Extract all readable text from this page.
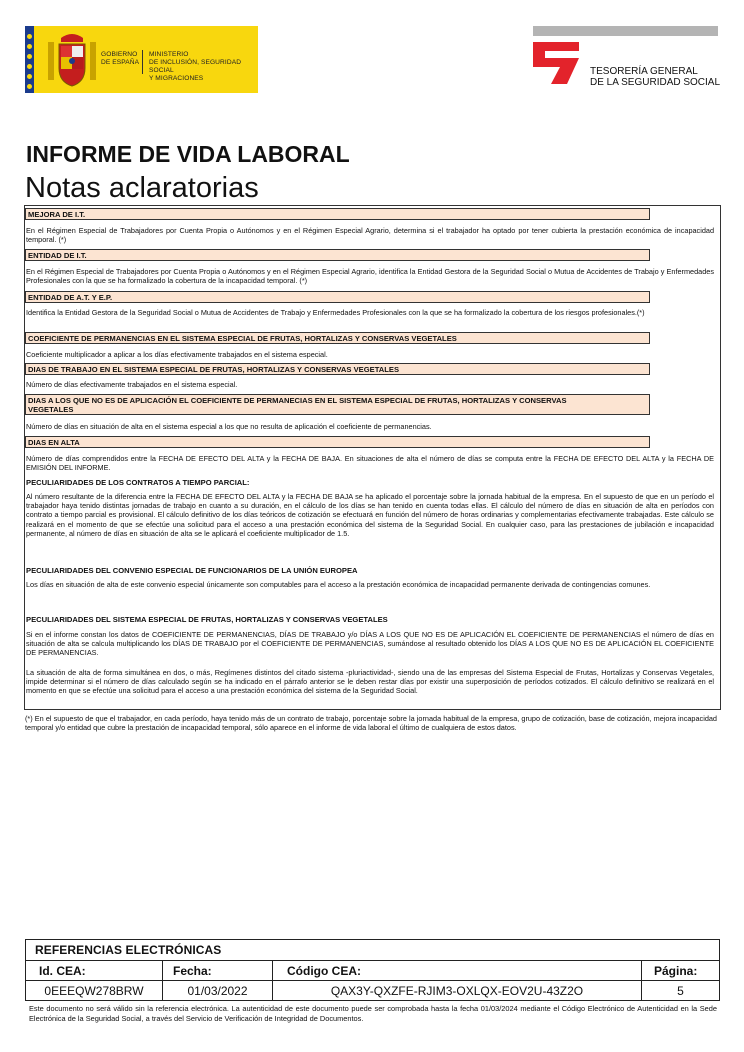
GOBIERNO
DE ESPAÑA
MINISTERIO
DE INCLUSIÓN, SEGURIDAD SOCIAL
Y MIGRACIONES
TESORERÍA GENERAL
DE LA SEGURIDAD SOCIAL
INFORME DE VIDA LABORAL
Notas aclaratorias
MEJORA DE I.T.
En el Régimen Especial de Trabajadores por Cuenta Propia o Autónomos y en el Régimen Especial Agrario, determina si el trabajador ha optado por tener cubierta la prestación económica de incapacidad temporal. (*)
ENTIDAD DE I.T.
En el Régimen Especial de Trabajadores por Cuenta Propia o Autónomos y en el Régimen Especial Agrario, identifica la Entidad Gestora de la Seguridad Social o Mutua de Accidentes de Trabajo y Enfermedades Profesionales con la que se ha formalizado la cobertura de la incapacidad temporal. (*)
ENTIDAD DE A.T. Y E.P.
Identifica la Entidad Gestora de la Seguridad Social o Mutua de Accidentes de Trabajo y Enfermedades Profesionales con la que se ha formalizado la cobertura de los riesgos profesionales.(*)
COEFICIENTE DE PERMANENCIAS EN EL SISTEMA ESPECIAL DE FRUTAS, HORTALIZAS Y CONSERVAS VEGETALES
Coeficiente multiplicador a aplicar a los días efectivamente trabajados en el sistema especial.
DIAS DE TRABAJO EN EL SISTEMA ESPECIAL DE FRUTAS, HORTALIZAS Y CONSERVAS VEGETALES
Número de días efectivamente trabajados en el sistema especial.
DIAS A LOS QUE NO ES DE APLICACIÓN EL COEFICIENTE DE PERMANECIAS EN EL SISTEMA ESPECIAL DE FRUTAS, HORTALIZAS Y CONSERVAS VEGETALES
Número de días en situación de alta en el sistema especial a los que no resulta de aplicación el coeficiente de permanencias.
DIAS EN ALTA
Número de días comprendidos entre la FECHA DE EFECTO DEL ALTA y la FECHA DE BAJA. En situaciones de alta el número de días se computa entre la FECHA DE EFECTO DEL ALTA y la FECHA DE EMISIÓN DEL INFORME.
PECULIARIDADES DE LOS CONTRATOS A TIEMPO PARCIAL:
Al número resultante de la diferencia entre la FECHA DE EFECTO DEL ALTA y la FECHA DE BAJA se ha aplicado el porcentaje sobre la jornada habitual de la empresa. En el supuesto de que en un período el trabajador haya tenido distintas jornadas de trabajo en cuanto a su duración, en el cálculo de los días se han tenido en cuenta todas ellas. El cálculo del número de días en situación de alta en períodos con contrato a tiempo parcial es provisional. El cálculo definitivo de los días teóricos de cotización se efectuará en función del número de horas ordinarias y complementarias efectivamente trabajadas. Este cálculo se realizará en el momento de que se efectúe una solicitud para el acceso a una prestación económica del sistema de la Seguridad Social. En cualquier caso, para las prestaciones de jubilación e incapacidad permanente, al número de días en situación de alta se le aplicará el coeficiente multiplicador de 1.5.
PECULIARIDADES DEL CONVENIO ESPECIAL DE FUNCIONARIOS DE LA UNIÓN EUROPEA
Los días en situación de alta de este convenio especial únicamente son computables para el acceso a la prestación económica de incapacidad permanente derivada de contingencias comunes.
PECULIARIDADES DEL SISTEMA ESPECIAL DE FRUTAS, HORTALIZAS Y CONSERVAS VEGETALES
Si en el informe constan los datos de COEFICIENTE DE PERMANENCIAS, DÍAS DE TRABAJO y/o DÍAS A LOS QUE NO ES DE APLICACIÓN EL COEFICIENTE DE PERMANENCIAS el número de días en situación de alta se calcula multiplicando los DÍAS DE TRABAJO por el COEFICIENTE DE PERMANENCIAS, sumándose al resultado obtenido los DÍAS A LOS QUE NO ES DE APLICACIÓN EL COEFICIENTE DE PERMANENCIAS.
La situación de alta de forma simultánea en dos, o más, Regímenes distintos del citado sistema -pluriactividad-, siendo una de las empresas del Sistema Especial de Frutas, Hortalizas y Conservas Vegetales, impide determinar si el número de días calculado según se ha indicado en el párrafo anterior se le deben restar días por existir una superposición de períodos cotizados. El cálculo definitivo se realizará en el momento en que se efectúe una solicitud para el acceso a una prestación económica del sistema de la Seguridad Social.
(*) En el supuesto de que el trabajador, en cada período, haya tenido más de un contrato de trabajo, porcentaje sobre la jornada habitual de la empresa, grupo de cotización, base de cotización, mejora incapacidad temporal y/o entidad que cubre la prestación de incapacidad temporal, sólo aparece en el informe de vida laboral el último de cualquiera de estos datos.
REFERENCIAS ELECTRÓNICAS
Id. CEA:	Fecha:	Código CEA:	Página:
0EEEQW278BRW	01/03/2022	QAX3Y-QXZFE-RJIM3-OXLQX-EOV2U-43Z2O	5
Este documento no será válido sin la referencia electrónica. La autenticidad de este documento puede ser comprobada hasta la fecha 01/03/2024 mediante el Código Electrónico de Autenticidad en la Sede Electrónica de la Seguridad Social, a través del Servicio de Verificación de Integridad de Documentos.
